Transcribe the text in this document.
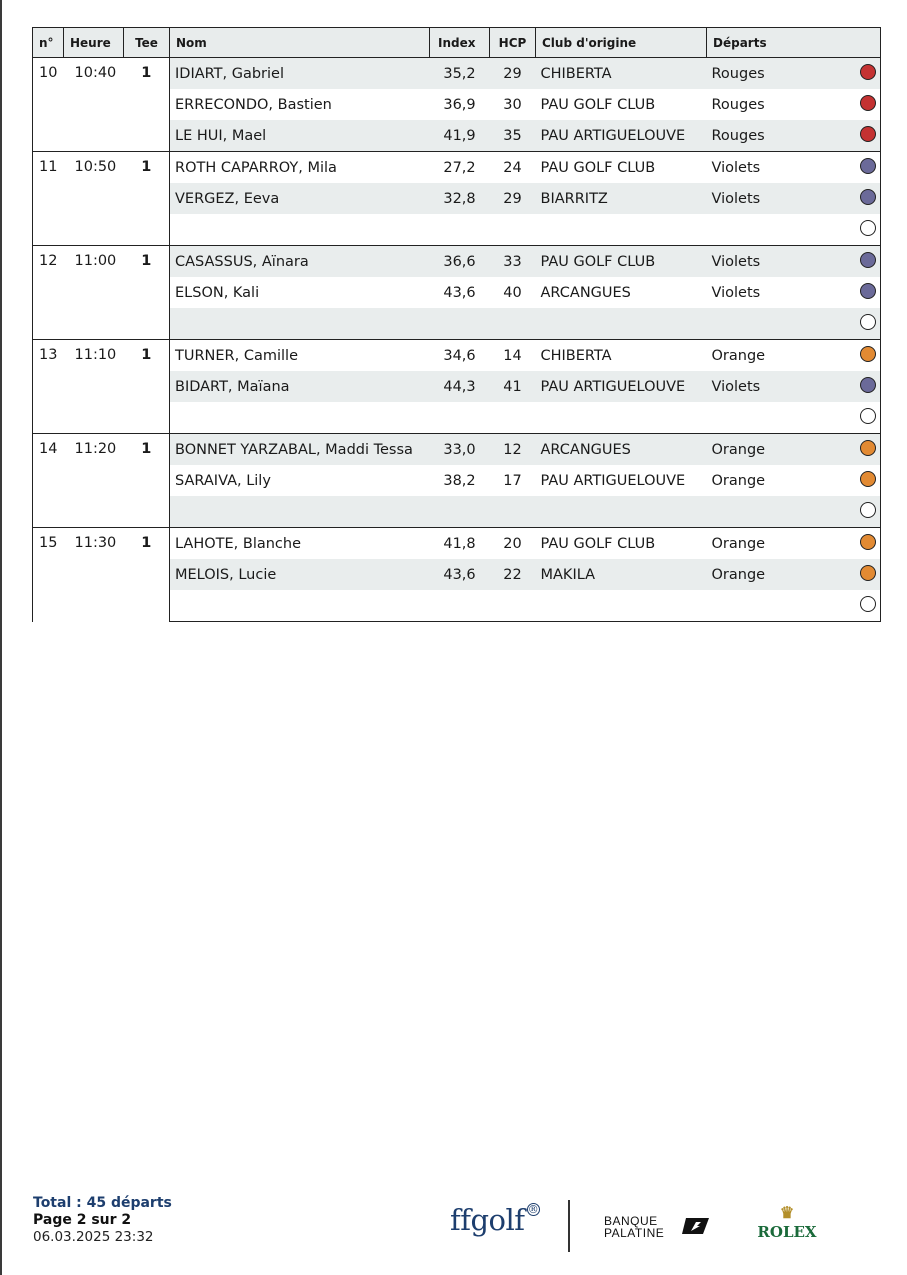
n°	Heure	Tee	Nom	Index	HCP	Club d'origine	Départs
10	10:40	1	IDIART, Gabriel	35,2	29	CHIBERTA	Rouges

			ERRECONDO, Bastien	36,9	30	PAU GOLF CLUB	Rouges

			LE HUI, Mael	41,9	35	PAU ARTIGUELOUVE	Rouges

11	10:50	1	ROTH CAPARROY, Mila	27,2	24	PAU GOLF CLUB	Violets

			VERGEZ, Eeva	32,8	29	BIARRITZ	Violets

12	11:00	1	CASASSUS, Aïnara	36,6	33	PAU GOLF CLUB	Violets

			ELSON, Kali	43,6	40	ARCANGUES	Violets

13	11:10	1	TURNER, Camille	34,6	14	CHIBERTA	Orange

			BIDART, Maïana	44,3	41	PAU ARTIGUELOUVE	Violets

14	11:20	1	BONNET YARZABAL, Maddi Tessa	33,0	12	ARCANGUES	Orange

			SARAIVA, Lily	38,2	17	PAU ARTIGUELOUVE	Orange

15	11:30	1	LAHOTE, Blanche	41,8	20	PAU GOLF CLUB	Orange

			MELOIS, Lucie	43,6	22	MAKILA	Orange

Total : 45 départs
Page 2 sur 2
06.03.2025 23:32	ffgolf ®
BANQUE
PALATINE
♛
ROLEX
